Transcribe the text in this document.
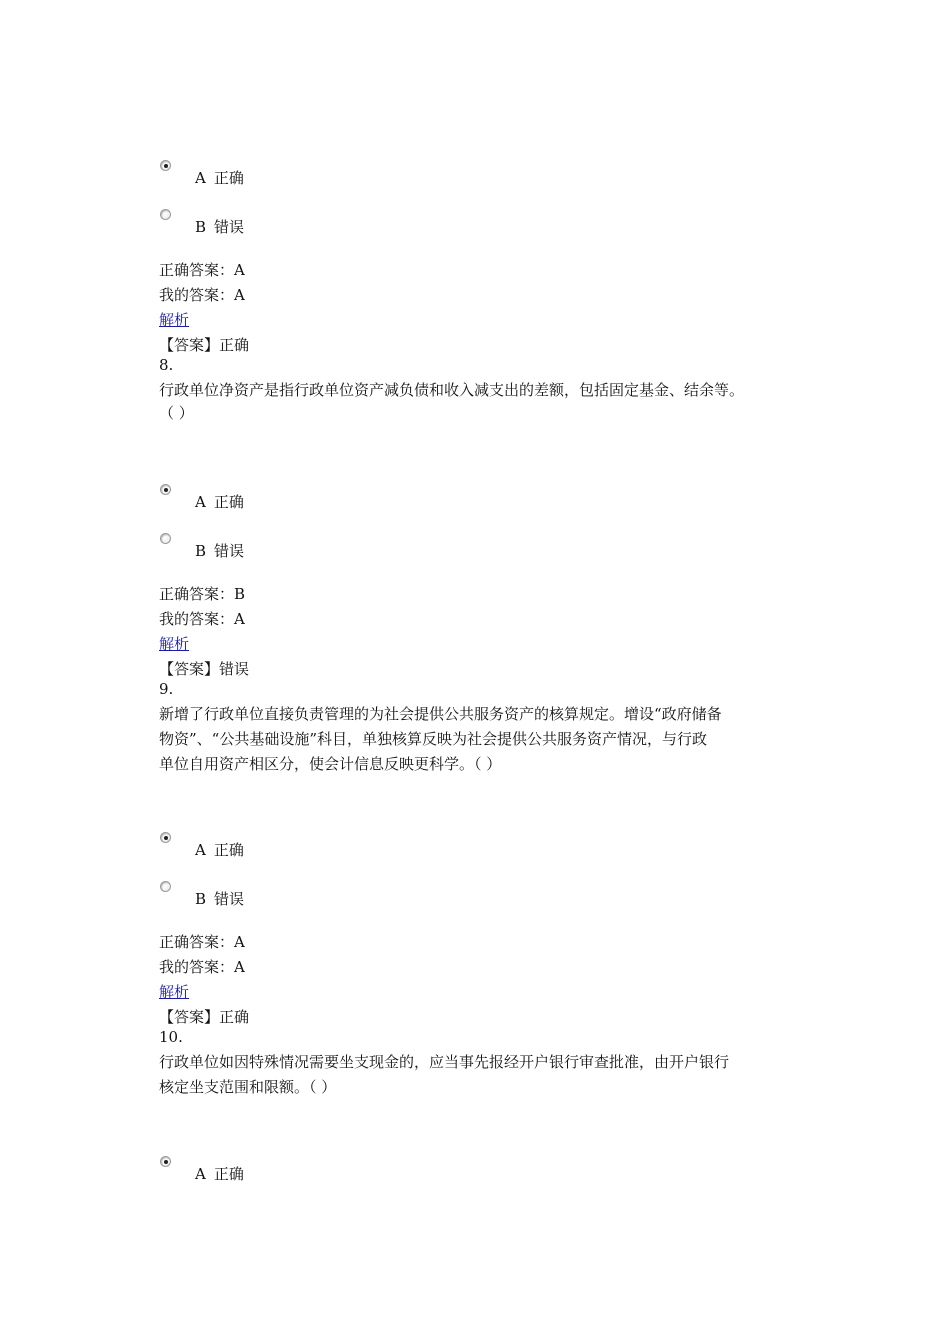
A 正确
B 错误
正确答案：A
我的答案：A
解析
【答案】正确
8.
行政单位净资产是指行政单位资产减负债和收入减支出的差额，包括固定基金、结余等。
（ ）
A 正确
B 错误
正确答案：B
我的答案：A
解析
【答案】错误
9.
新增了行政单位直接负责管理的为社会提供公共服务资产的核算规定。增设“政府储备
物资”、“公共基础设施”科目，单独核算反映为社会提供公共服务资产情况，与行政
单位自用资产相区分，使会计信息反映更科学。（ ）
A 正确
B 错误
正确答案：A
我的答案：A
解析
【答案】正确
10.
行政单位如因特殊情况需要坐支现金的，应当事先报经开户银行审查批准，由开户银行
核定坐支范围和限额。（ ）
A 正确
